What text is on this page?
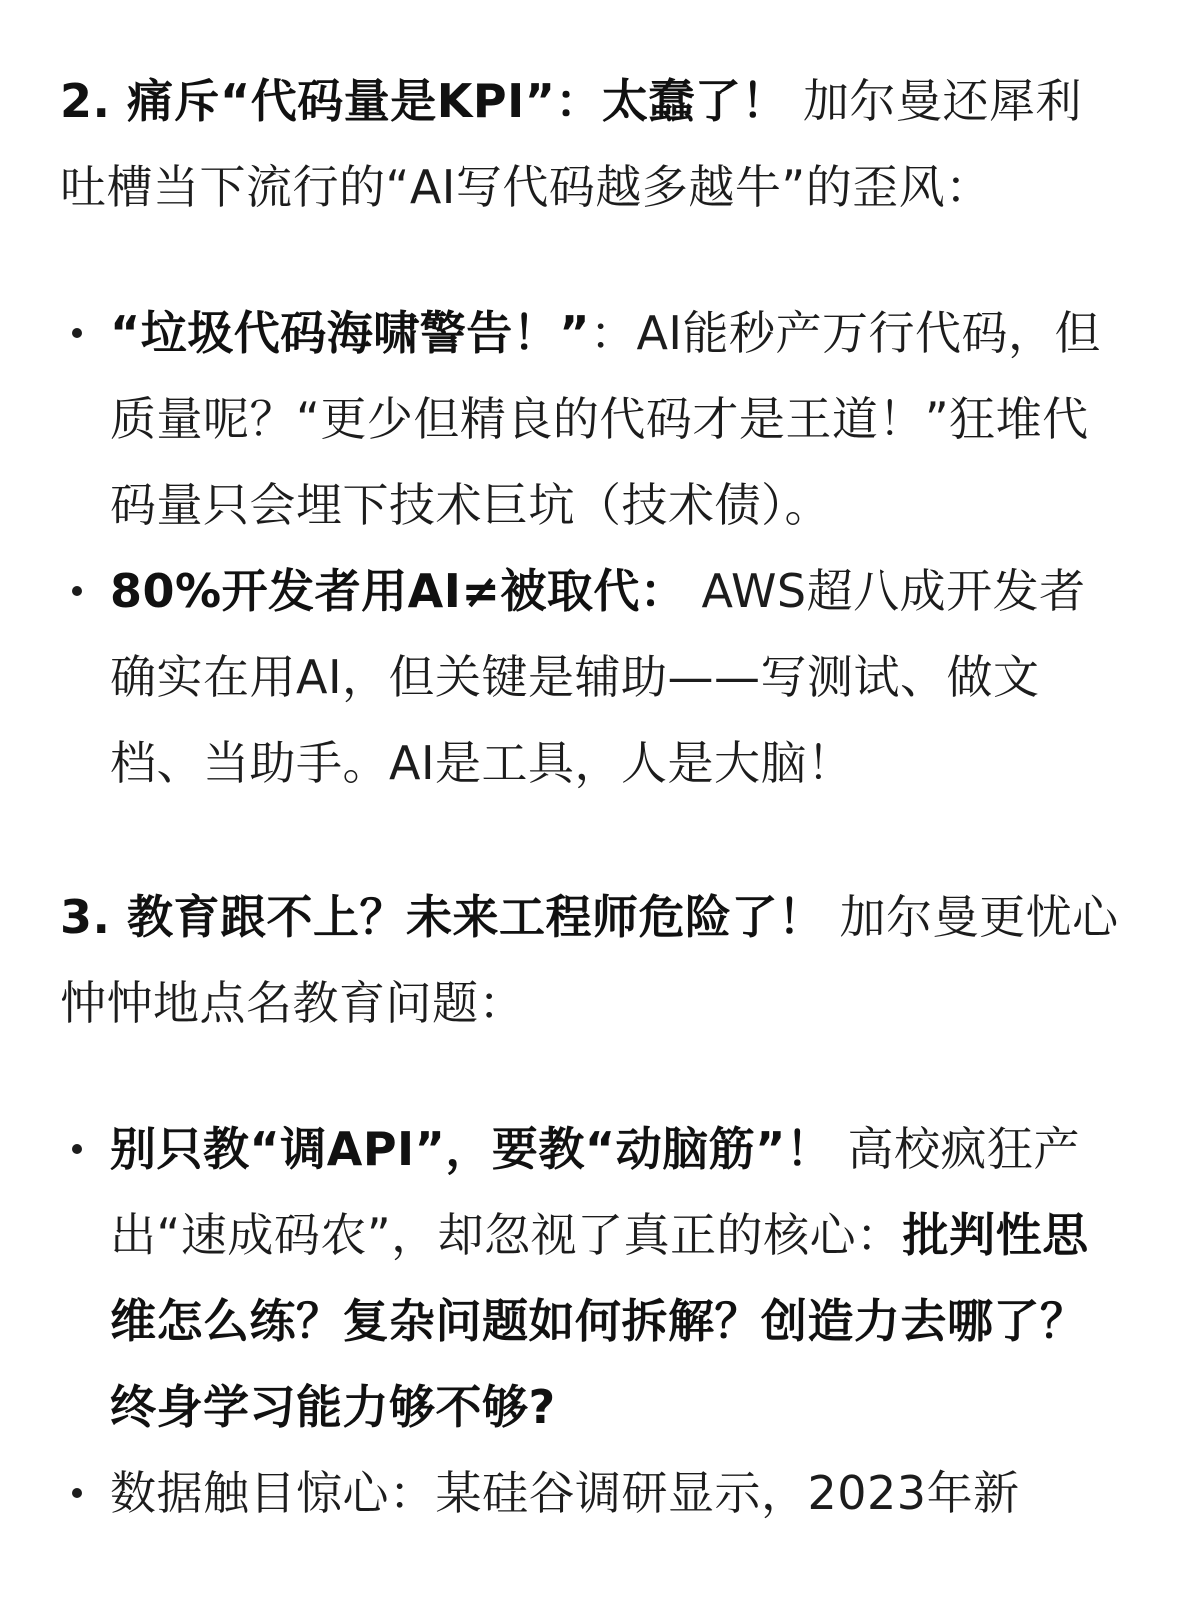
2. 痛斥“代码量是KPI”：太蠢了！ 加尔曼还犀利吐槽当下流行的“AI写代码越多越牛”的歪风：

“垃圾代码海啸警告！”：AI能秒产万行代码，但质量呢？“更少但精良的代码才是王道！”狂堆代码量只会埋下技术巨坑（技术债）。
80%开发者用AI≠被取代： AWS超八成开发者确实在用AI，但关键是辅助——写测试、做文档、当助手。AI是工具，人是大脑！

3. 教育跟不上？未来工程师危险了！ 加尔曼更忧心忡忡地点名教育问题：

别只教“调API”，要教“动脑筋”！ 高校疯狂产出“速成码农”，却忽视了真正的核心：批判性思维怎么练？复杂问题如何拆解？创造力去哪了？终身学习能力够不够?
数据触目惊心：某硅谷调研显示，2023年新
